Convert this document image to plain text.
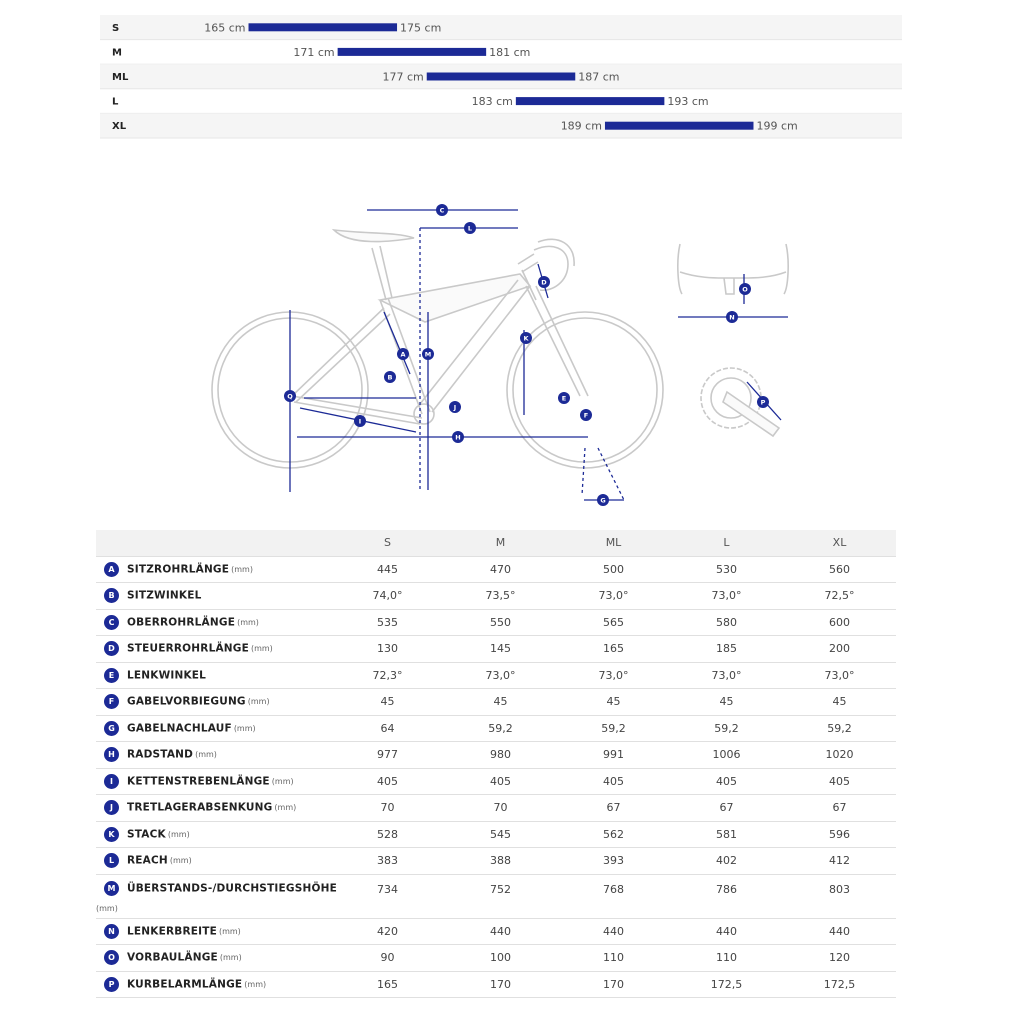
S	165 cm	175 cm
M	171 cm	181 cm
ML	177 cm	187 cm
L	183 cm	193 cm
XL	189 cm	199 cm
A
B
C
D
E
F
G
H
I
J
K
L
M
Q
O
N
P
	S	M	ML	L	XL
A SITZROHRLÄNGE (mm)	445	470	500	530	560
B SITZWINKEL	74,0°	73,5°	73,0°	73,0°	72,5°
C OBERROHRLÄNGE (mm)	535	550	565	580	600
D STEUERROHRLÄNGE (mm)	130	145	165	185	200
E LENKWINKEL	72,3°	73,0°	73,0°	73,0°	73,0°
F GABELVORBIEGUNG (mm)	45	45	45	45	45
G GABELNACHLAUF (mm)	64	59,2	59,2	59,2	59,2
H RADSTAND (mm)	977	980	991	1006	1020
I KETTENSTREBENLÄNGE (mm)	405	405	405	405	405
J TRETLAGERABSENKUNG (mm)	70	70	67	67	67
K STACK (mm)	528	545	562	581	596
L REACH (mm)	383	388	393	402	412
M ÜBERSTANDS-/DURCHSTIEGSHÖHE
(mm)	734	752	768	786	803
N LENKERBREITE (mm)	420	440	440	440	440
O VORBAULÄNGE (mm)	90	100	110	110	120
P KURBELARMLÄNGE (mm)	165	170	170	172,5	172,5
